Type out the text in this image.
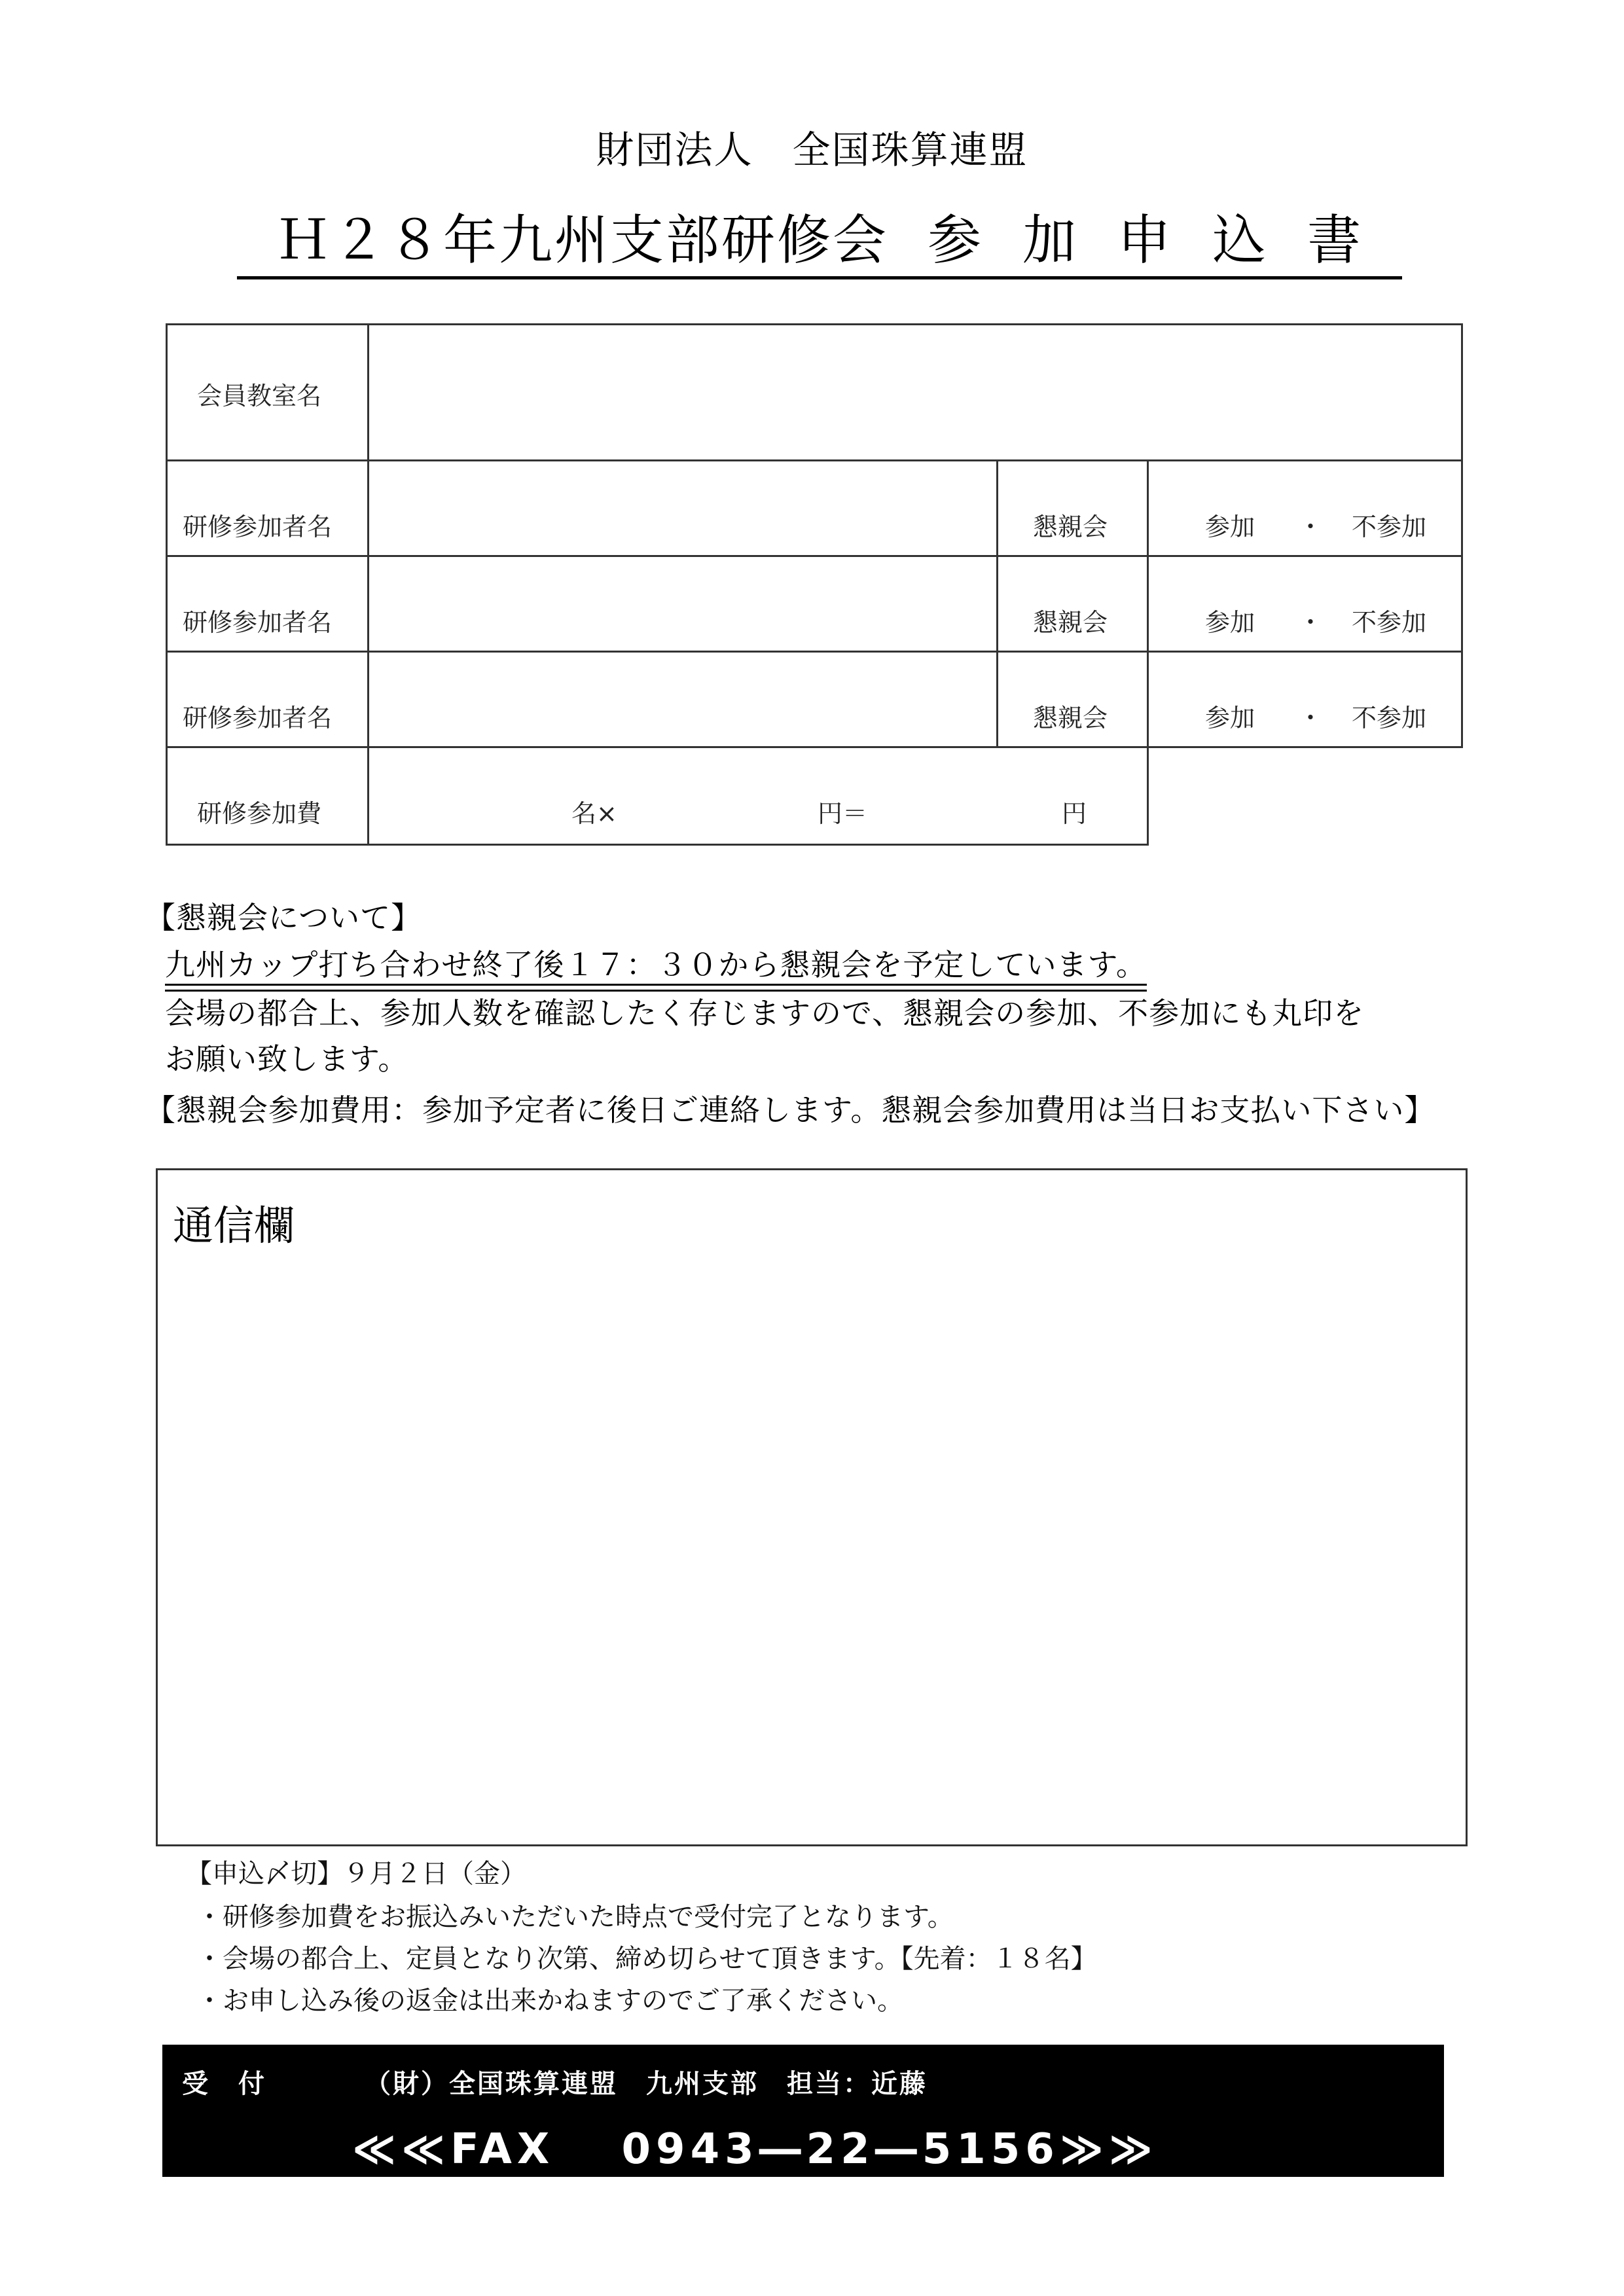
財団法人　全国珠算連盟
Ｈ２８年九州支部研修会 参 加 申 込 書
会員教室名
研修参加者名	懇親会	参加 ・ 不参加
研修参加者名	懇親会	参加 ・ 不参加
研修参加者名	懇親会	参加 ・ 不参加
研修参加費	名×	円＝	円
【懇親会について】
九州カップ打ち合わせ終了後１７：３０から懇親会を予定しています。
会場の都合上、参加人数を確認したく存じますので、懇親会の参加、不参加にも丸印を
お願い致します。
【懇親会参加費用：参加予定者に後日ご連絡します。懇親会参加費用は当日お支払い下さい】
通信欄
【申込〆切】９月２日（金）
・研修参加費をお振込みいただいた時点で受付完了となります。
・会場の都合上、定員となり次第、締め切らせて頂きます。【先着：１８名】
・お申し込み後の返金は出来かねますのでご了承ください。
受　付	（財）全国珠算連盟　九州支部　担当：近藤
≪≪FAX　 0943―22―5156≫≫
